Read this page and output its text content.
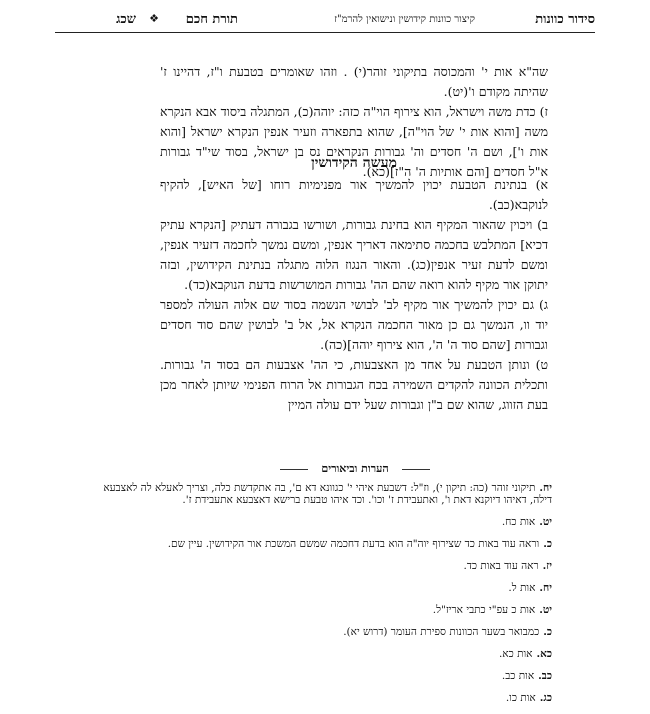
סידור כוונות
קיצור כוונות קידושין ונישואין להרמ"ז
תורת חכם
❖
שכג

שה"א אות י' והמכוסה בתיקוני זוהר(י) . וזהו שאומרים בטבעת ו"ז, דהיינו ז' שהיתה מקודם ו'(יט).

ז) כדת משה וישראל, הוא צירוף הוי"ה כזה: יוהה(כ), המתגלה ביסוד אבא הנקרא משה [והוא אות י' של הוי"ה], שהוא בתפארה וזעיר אנפין הנקרא ישראל [והוא אות ו'], ושם ה' חסדים וה' גבורות הנקראים נס בן ישראל, בסוד שי"ד גבורות א"ל חסדים [והם אותיות ה' ה"ז](כא).

מעשה הקידושין

א) בנתינת הטבעת יכוין להמשיך אור מפנימיות רוחו [של האיש], להקיף לנוקבא(כב).

ב) ויכוין שהאור המקיף הוא בחינת גבורות, ושורשו בגבורה דעתיק [הנקרא עתיק דכיא] המתלבש בחכמה סתימאה דאריך אנפין, ומשם נמשך לחכמה דזעיר אנפין, ומשם לדעת זעיר אנפין(כג). והאור הנגוז הלוה מתגלה בנתינת הקידושין, ובזה יתוקן אור מקיף להוא רואה שהם הה' גבורות המושרשות בדעת הנוקבא(כד).

ג) גם יכוין להמשיך אור מקיף לב' לבושי הנשמה בסוד שם אלוה העולה למספר יוד וו, הנמשך גם כן מאור החכמה הנקרא אל, אל ב' לבושין שהם סוד חסדים וגבורות [שהם סוד ה' ה', הוא צירוף יוהה](כה).

ט) ונותן הטבעת על אחד מן האצבעות, כי הה' אצבעות הם בסוד ה' גבורות. ותכלית הכוונה להקדים השמירה בכח הגבורות אל הרוח הפנימי שיותן לאחר מכן בעת הזווג, שהוא שם ב"ן וגבורות שעל ידם עולה המיין

הערות וביאורים
יח.תיקוני זוהר (כה: תיקון י), וז"ל: דשבעת איהי י' כגוונא דא ם', בה אתקדשת כלה, וצריך לאעלא לה לאצבעא דילה, דאיהו דיוקנא דאת ו', ואתעבידת ז' וכו'. וכד איהו טבעת ברישא דאצבעא אתעבידת ז'.
יט.אות כח.
כ.וראה עוד באות כד שצירוף יוה"ה הוא בדעת דחכמה שמשם המשכת אור הקידושין. עיין שם.
יז.ראה עוד באות כד.
יח.אות ל.
יט.אות כ עפ"י כתבי אריז"ל.
כ.כמבואר בשער הכוונות ספירת העומר (דרוש יא).
כא.אות כא.
כב.אות כב.
כג.אות כו.
